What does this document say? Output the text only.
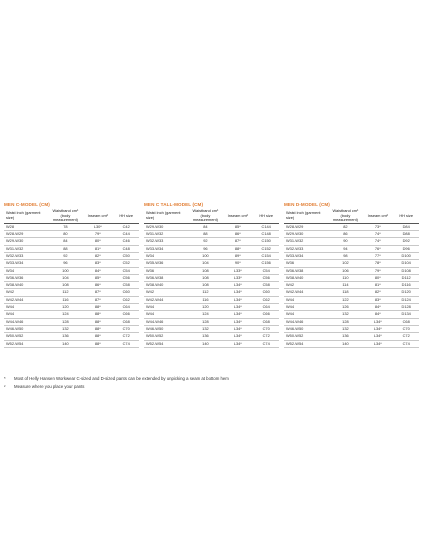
MEN C-MODEL (CM)
Waist inch (garment size)	Waistband cm¹ (body measurement)	Inseam cm²	HH size
W28	78	L30*	C42
W28-W29	80	79*	C44
W29-W30	84	80*	C46
W31-W32	88	81*	C48
W32-W33	92	82*	C50
W33-W34	96	83*	C52
W34	100	84*	C54
W36-W36	104	85*	C56
W38-W40	108	86*	C58
W42	112	87*	C60
W42-W44	116	87*	C62
W44	120	88*	C64
W44	124	88*	C66
W44-W46	128	88*	C68
W46-W50	132	88*	C70
W50-W52	136	88*	C72
W52-W54	140	88*	C74
MEN C TALL-MODEL (CM)
Waist inch (garment size)	Waistband cm¹ (body measurement)	Inseam cm²	HH size
W29-W30	84	85*	C144
W31-W32	88	86*	C148
W32-W33	92	87*	C150
W33-W34	96	88*	C152
W34	100	89*	C154
W35-W36	104	90*	C156
W36	108	L33*	C54
W36-W38	108	L33*	C56
W38-W40	108	L34*	C58
W42	112	L34*	C60
W42-W44	116	L34*	C62
W44	120	L34*	C64
W44	124	L34*	C66
W44-W46	128	L34*	C68
W46-W50	132	L34*	C70
W50-W52	136	L34*	C72
W52-W54	140	L34*	C74
MEN D-MODEL (CM)
Waist inch (garment size)	Waistband cm¹ (body measurement)	Inseam cm²	HH size
W28-W29	82	73*	D84
W29-W30	86	74*	D88
W31-W32	90	74*	D92
W32-W33	94	76*	D96
W33-W34	98	77*	D100
W36	102	78*	D104
W36-W38	106	79*	D108
W38-W40	110	80*	D112
W42	114	81*	D116
W42-W44	118	82*	D120
W44	122	83*	D124
W44	126	84*	D128
W44	132	84*	D134
W44-W46	128	L34*	C68
W46-W50	132	L34*	C70
W50-W52	136	L34*	C72
W52-W54	140	L34*	C74
*	Most of Helly Hansen Workwear C-sized and D-sized pants can be extended by unpicking a seam at bottom hem
²	Measure where you place your pants
